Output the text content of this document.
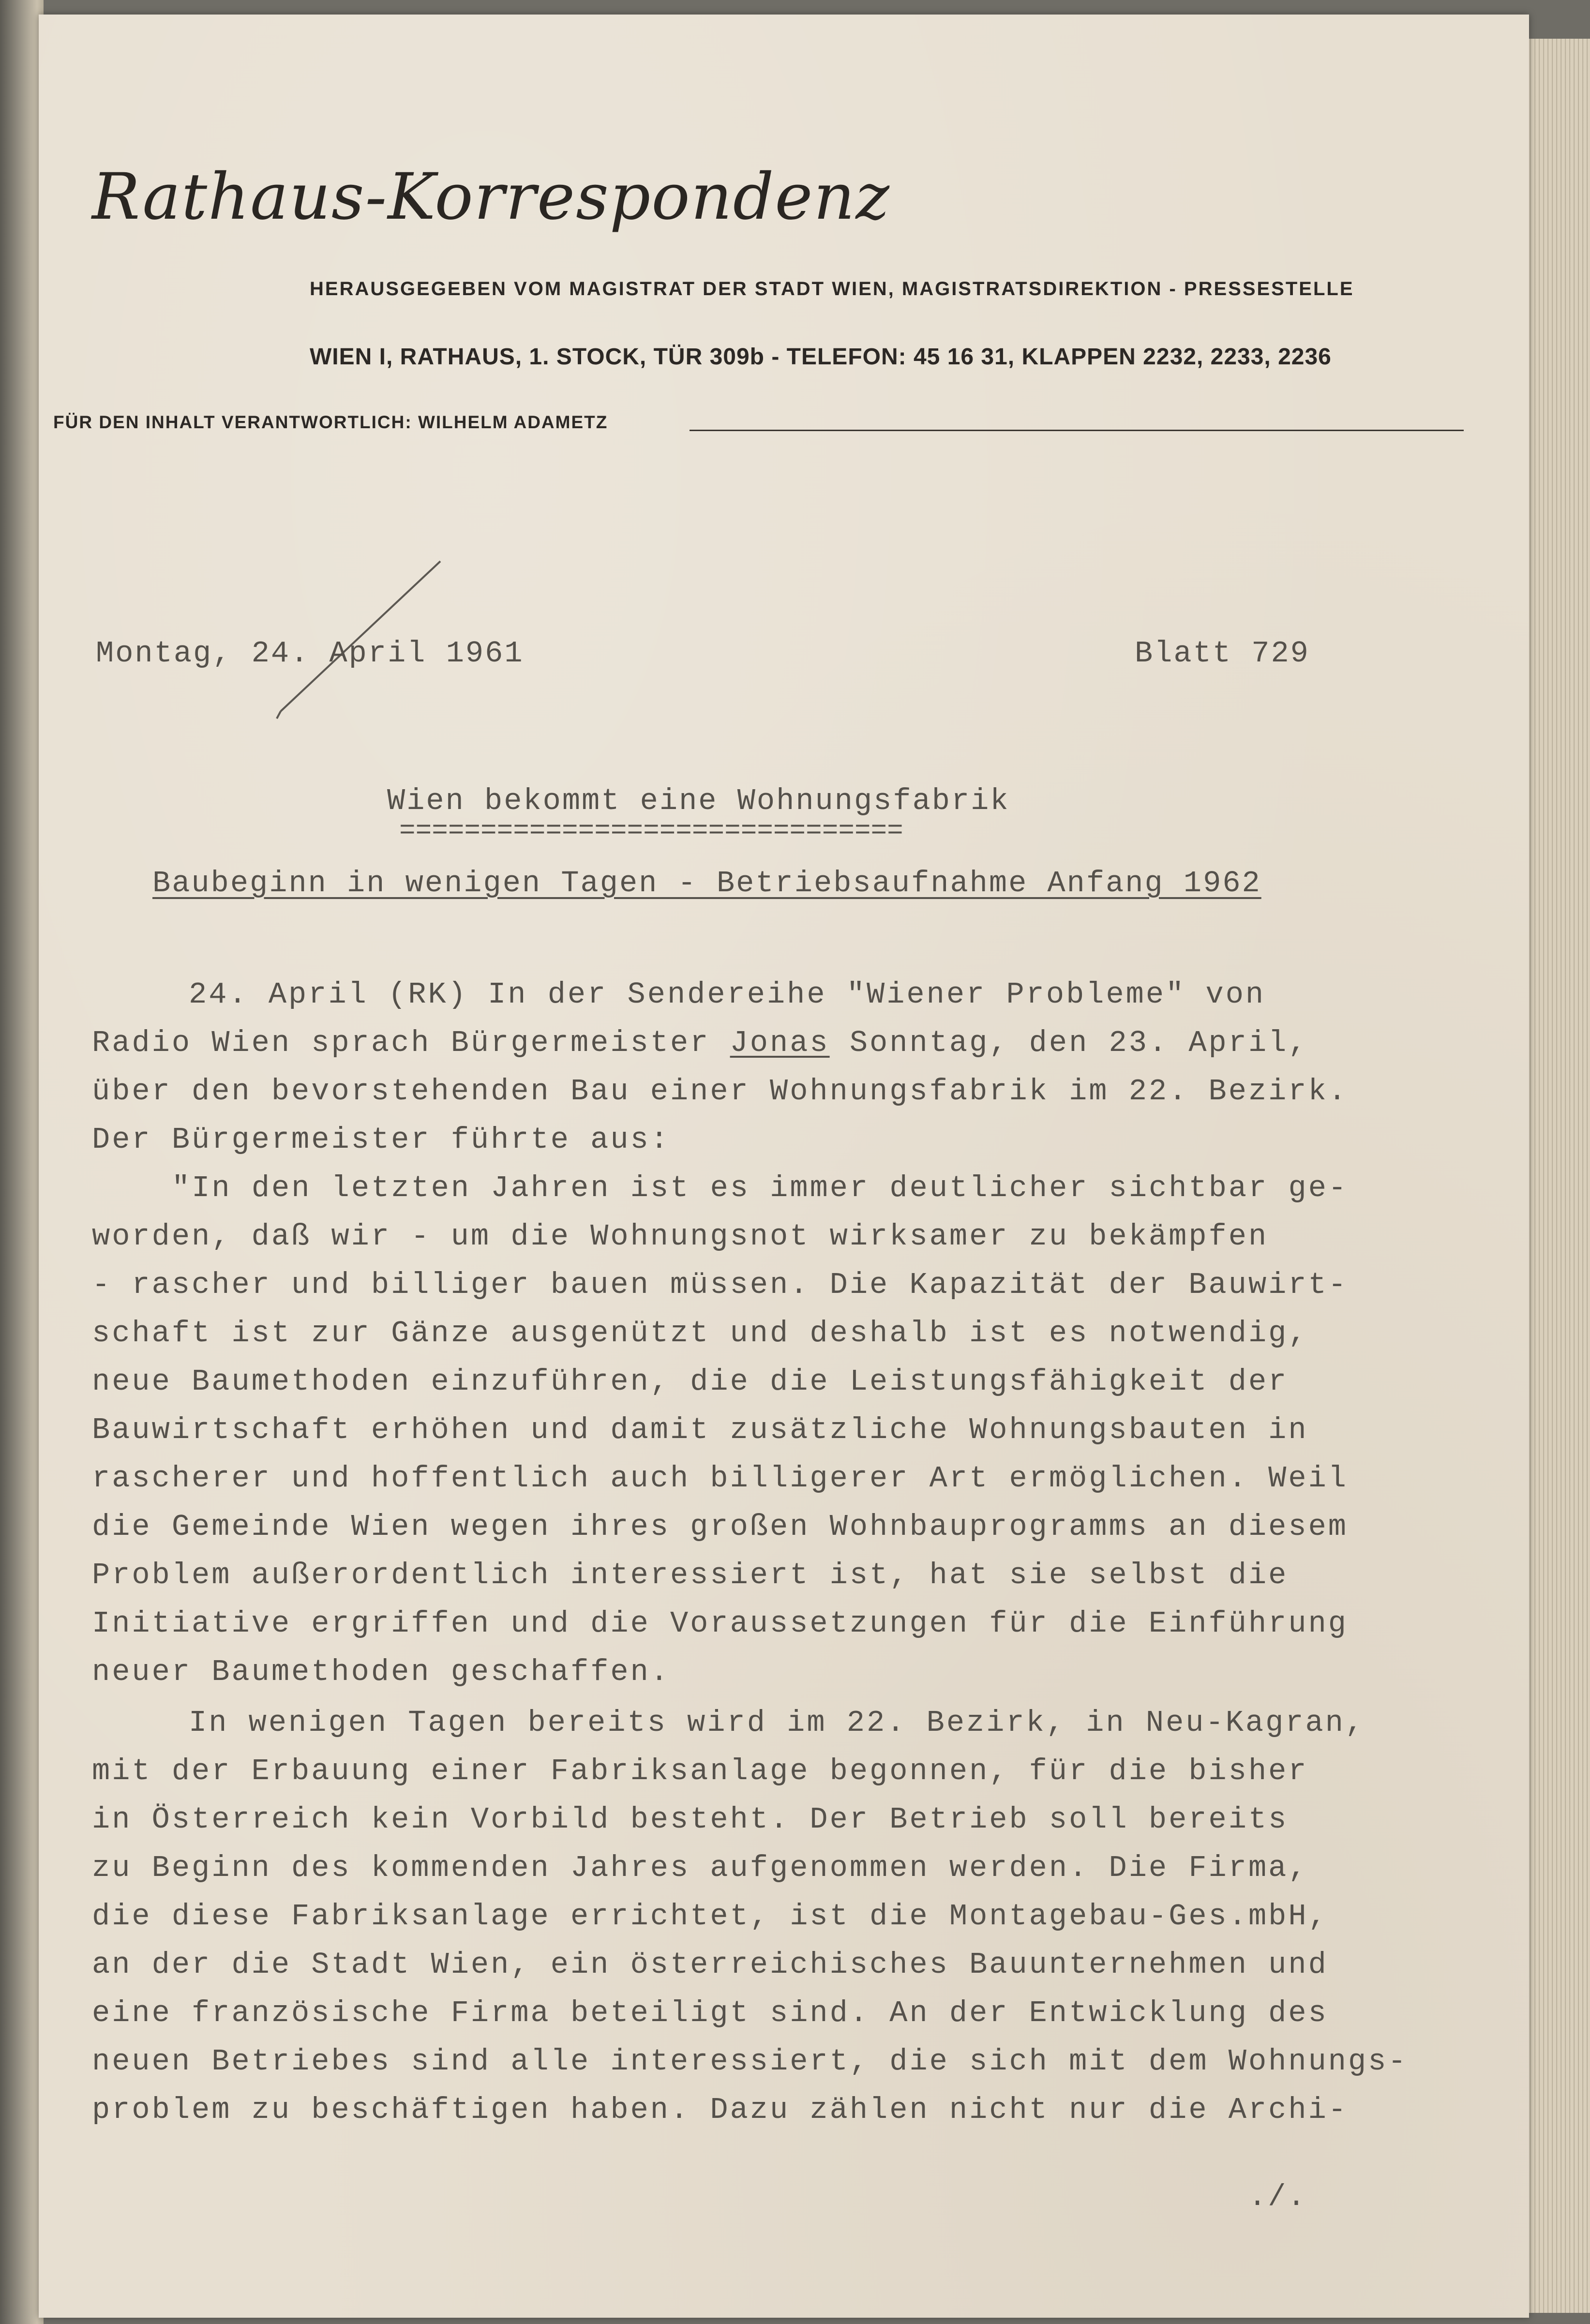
Rathaus-Korrespondenz
HERAUSGEGEBEN VOM MAGISTRAT DER STADT WIEN, MAGISTRATSDIREKTION - PRESSESTELLE
WIEN I, RATHAUS, 1. STOCK, TÜR 309b - TELEFON: 45 16 31, KLAPPEN 2232, 2233, 2236
FÜR DEN INHALT VERANTWORTLICH: WILHELM ADAMETZ
Montag, 24. April 1961	Blatt 729
Wien bekommt eine Wohnungsfabrik
===============================
Baubeginn in wenigen Tagen - Betriebsaufnahme Anfang 1962
24. April (RK) In der Sendereihe "Wiener Probleme" von
Radio Wien sprach Bürgermeister Jonas Sonntag, den 23. April,
über den bevorstehenden Bau einer Wohnungsfabrik im 22. Bezirk.
Der Bürgermeister führte aus:
"In den letzten Jahren ist es immer deutlicher sichtbar ge-
worden, daß wir - um die Wohnungsnot wirksamer zu bekämpfen
- rascher und billiger bauen müssen. Die Kapazität der Bauwirt-
schaft ist zur Gänze ausgenützt und deshalb ist es notwendig,
neue Baumethoden einzuführen, die die Leistungsfähigkeit der
Bauwirtschaft erhöhen und damit zusätzliche Wohnungsbauten in
rascherer und hoffentlich auch billigerer Art ermöglichen. Weil
die Gemeinde Wien wegen ihres großen Wohnbauprogramms an diesem
Problem außerordentlich interessiert ist, hat sie selbst die
Initiative ergriffen und die Voraussetzungen für die Einführung
neuer Baumethoden geschaffen.
In wenigen Tagen bereits wird im 22. Bezirk, in Neu-Kagran,
mit der Erbauung einer Fabriksanlage begonnen, für die bisher
in Österreich kein Vorbild besteht. Der Betrieb soll bereits
zu Beginn des kommenden Jahres aufgenommen werden. Die Firma,
die diese Fabriksanlage errichtet, ist die Montagebau-Ges.mbH,
an der die Stadt Wien, ein österreichisches Bauunternehmen und
eine französische Firma beteiligt sind. An der Entwicklung des
neuen Betriebes sind alle interessiert, die sich mit dem Wohnungs-
problem zu beschäftigen haben. Dazu zählen nicht nur die Archi-
./.
